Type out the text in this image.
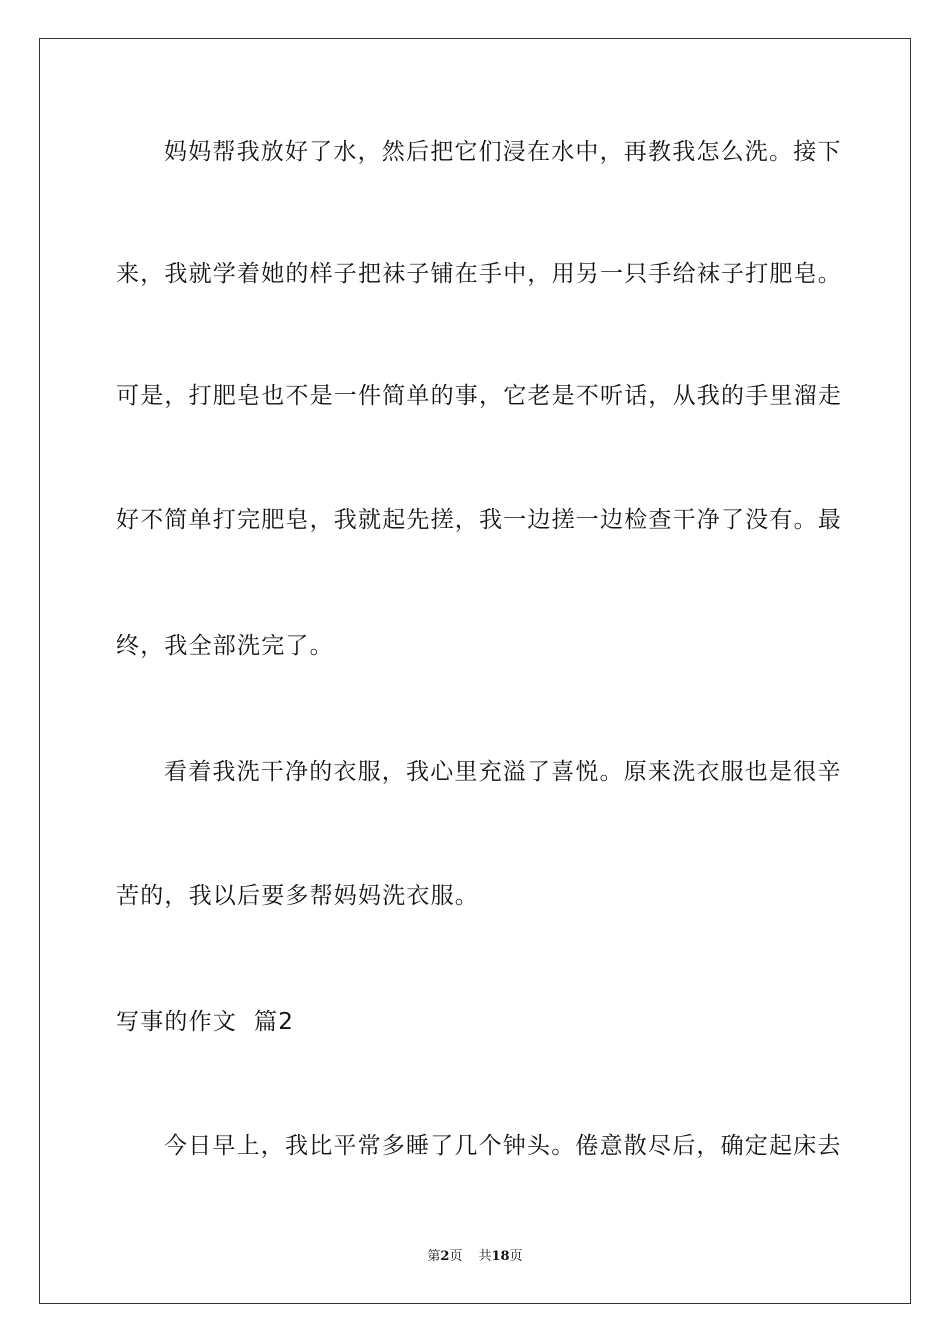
妈妈帮我放好了水，然后把它们浸在水中，再教我怎么洗。接下
来，我就学着她的样子把袜子铺在手中，用另一只手给袜子打肥皂。
可是，打肥皂也不是一件简单的事，它老是不听话，从我的手里溜走
好不简单打完肥皂，我就起先搓，我一边搓一边检查干净了没有。最
终，我全部洗完了。
看着我洗干净的衣服，我心里充溢了喜悦。原来洗衣服也是很辛
苦的，我以后要多帮妈妈洗衣服。
写事的作文  篇2
今日早上，我比平常多睡了几个钟头。倦意散尽后，确定起床去
第2页 共18页
